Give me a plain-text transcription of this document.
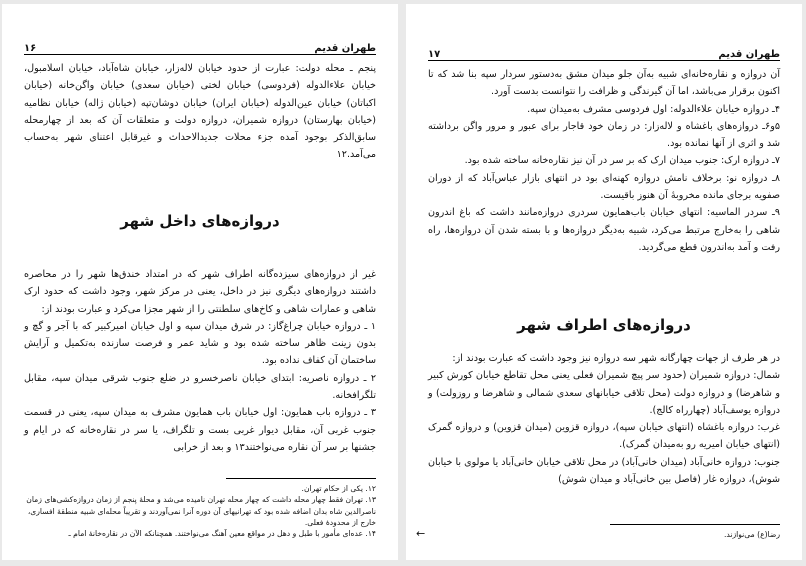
طهران قدیم
۱۶

پنجم ـ محله دولت: عبارت از حدود خیابان لاله‌زار، خیابان شاه‌آباد، خیابان اسلامبول، خیابان علاءالدوله (فردوسی) خیابان لختی (خیابان سعدی) خیابان واگن‌خانه (خیابان اکباتان) خیابان عین‌الدوله (خیابان ایران) خیابان دوشان‌تپه (خیابان ژاله) خیابان نظامیه (خیابان بهارستان) دروازه شمیران، دروازه دولت و متعلقات آن که بعد از چهارمحله سابق‌الذکر بوجود آمده جزء محلات جدیدالاحداث و غیرقابل اعتنای شهر به‌حساب می‌آمد.۱۲

دروازه‌های داخل شهر

غیر از دروازه‌های سیزده‌گانه اطراف شهر که در امتداد خندق‌ها شهر را در محاصره داشتند دروازه‌های دیگری نیز در داخل، یعنی در مرکز شهر، وجود داشت که حدود ارک شاهی و عمارات شاهی و کاخ‌های سلطنتی را از شهر مجزا می‌کرد و عبارت بودند از:

۱ ـ دروازه خیابان چراغ‌گاز: در شرق میدان سپه و اول خیابان امیرکبیر که با آجر و گچ و بدون زینت ظاهر ساخته شده بود و شاید عمر و فرصت سازنده به‌تکمیل و آرایش ساختمان آن کفاف نداده بود.

۲ ـ دروازه ناصریه: ابتدای خیابان ناصرخسرو در ضلع جنوب شرقی میدان سپه، مقابل تلگرافخانه.

۳ ـ دروازه باب همایون: اول خیابان باب همایون مشرف به میدان سپه، یعنی در قسمت جنوب غربی آن، مقابل دیوار غربی بست و تلگراف، یا سر در نقاره‌خانه که در ایام و جشنها بر سر آن نقاره می‌نواختند۱۳ و بعد از خرابی

۱۲. یکی از حکام تهران.

۱۳. تهران فقط چهار محله داشت که چهار محله تهران نامیده می‌شد و محلهٔ پنجم از زمان دروازه‌کشی‌های زمان ناصرالدین شاه بدان اضافه شده بود که تهرانیهای آن دوره آنرا نمی‌آوردند و تقریباً محله‌ای شبیه منطقهٔ افساری، خارج از محدودهٔ فعلی.

۱۴. عده‌ای مأمور با طبل و دهل در مواقع معین آهنگ می‌نواختند. همچنانکه الآن در نقاره‌خانهٔ امام ـ

طهران قدیم
۱۷

آن دروازه و نقاره‌خانه‌ای شبیه به‌آن جلو میدان مشق به‌دستور سردار سپه بنا شد که تا اکنون برقرار می‌باشد، اما آن گیرندگی و ظرافت را نتوانست بدست آورد.

۴ـ دروازه خیابان علاءالدوله: اول فردوسی مشرف به‌میدان سپه.

۵و۶ـ دروازه‌های باغشاه و لاله‌زار: در زمان خود قاجار برای عبور و مرور واگن برداشته شد و اثری از آنها نمانده بود.

۷ـ دروازه ارک: جنوب میدان ارک که بر سر در آن نیز نقاره‌خانه ساخته شده بود.

۸ـ دروازه نو: برخلاف نامش دروازه کهنه‌ای بود در انتهای بازار عباس‌آباد که از دوران صفویه برجای مانده مخروبهٔ آن هنوز باقیست.

۹ـ سردر الماسیه: انتهای خیابان باب‌همایون سردری دروازه‌مانند داشت که باغ اندرون شاهی را به‌خارج مرتبط می‌کرد، شبیه به‌دیگر دروازه‌ها و با بسته شدن آن دروازه‌ها، راه رفت و آمد به‌اندرون قطع می‌گردید.

دروازه‌های اطراف شهر

در هر طرف از جهات چهارگانه شهر سه دروازه نیز وجود داشت که عبارت بودند از:

شمال: دروازه شمیران (حدود سر پیچ شمیران فعلی یعنی محل تقاطع خیابان کورش کبیر و شاهرضا) و دروازه دولت (محل تلاقی خیابانهای سعدی شمالی و شاهرضا و روزولت) و دروازه یوسف‌آباد (چهارراه کالج).

غرب: دروازه باغشاه (انتهای خیابان سپه)، دروازه قزوین (میدان قزوین) و دروازه گمرک (انتهای خیابان امیریه رو به‌میدان گمرک).

جنوب: دروازه خانی‌آباد (میدان خانی‌آباد) در محل تلاقی خیابان خانی‌آباد یا مولوی با خیابان شوش)، دروازه غار (فاصل بین خانی‌آباد و میدان شوش)

رضا(ع) می‌نوازند.

←
